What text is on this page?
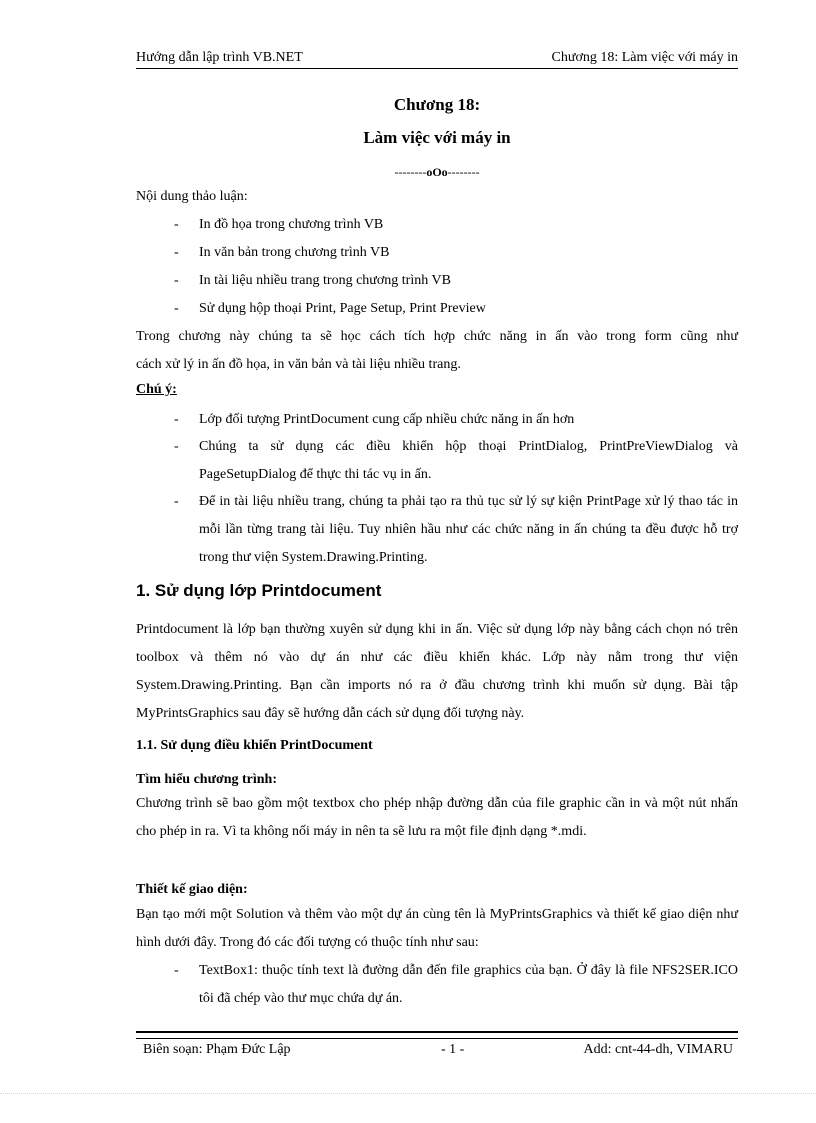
Hướng dẫn lập trình VB.NET	Chương 18: Làm việc với máy in
Chương 18:
Làm việc với máy in
--------oOo--------
Nội dung thảo luận:
-	In đồ họa trong chương trình VB
-	In văn bản trong chương trình VB
-	In tài liệu nhiều trang trong chương trình VB
-	Sử dụng hộp thoại Print, Page Setup, Print Preview
Trong chương này chúng ta sẽ học cách tích hợp chức năng in ấn vào trong form cũng như
cách xử lý in ấn đồ họa, in văn bản và tài liệu nhiều trang.
Chú ý:
-	Lớp đối tượng PrintDocument cung cấp nhiều chức năng in ấn hơn
-	Chúng ta sử dụng các điều khiển hộp thoại PrintDialog, PrintPreViewDialog và PageSetupDialog để thực thi tác vụ in ấn.
-	Để in tài liệu nhiều trang, chúng ta phải tạo ra thủ tục sử lý sự kiện PrintPage xử lý thao tác in mỗi lần từng trang tài liệu. Tuy nhiên hầu như các chức năng in ấn chúng ta đều được hỗ trợ trong thư viện System.Drawing.Printing.
1. Sử dụng lớp Printdocument
Printdocument là lớp bạn thường xuyên sử dụng khi in ấn. Việc sử dụng lớp này bằng cách chọn nó trên toolbox và thêm nó vào dự án như các điều khiển khác. Lớp này nằm trong thư viện System.Drawing.Printing. Bạn cần imports nó ra ở đầu chương trình khi muốn sử dụng. Bài tập MyPrintsGraphics sau đây sẽ hướng dẫn cách sử dụng đối tượng này.
1.1. Sử dụng điều khiển PrintDocument
Tìm hiểu chương trình:
Chương trình sẽ bao gồm một textbox cho phép nhập đường dẫn của file graphic cần in và một nút nhấn cho phép in ra. Vì ta không nối máy in nên ta sẽ lưu ra một file định dạng *.mdi.
Thiết kế giao diện:
Bạn tạo mới một Solution và thêm vào một dự án cùng tên là MyPrintsGraphics và thiết kế giao diện như hình dưới đây. Trong đó các đối tượng có thuộc tính như sau:
-	TextBox1: thuộc tính text là đường dẫn đến file graphics của bạn. Ở đây là file NFS2SER.ICO tôi đã chép vào thư mục chứa dự án.
Biên soạn: Phạm Đức Lập	- 1 -	Add: cnt-44-dh, VIMARU
